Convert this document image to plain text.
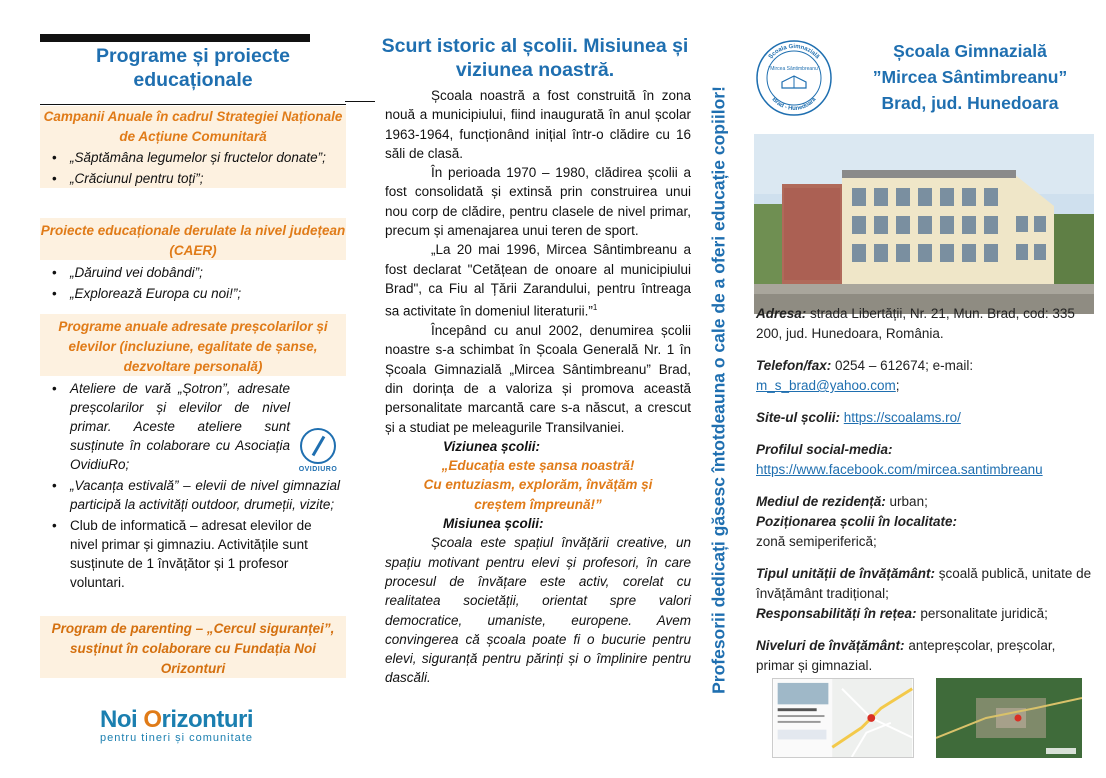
Programe și proiecte educaționale
Campanii Anuale în cadrul Strategiei Naționale de Acțiune Comunitară
• „Săptămâna legumelor și fructelor donate”;
• „Crăciunul pentru toți”;
Proiecte educaționale derulate la nivel județean (CAER)
• „Dăruind vei dobândi”;
• „Explorează Europa cu noi!”;
Programe anuale adresate preșcolarilor și elevilor (incluziune, egalitate de șanse, dezvoltare personală)
• Ateliere de vară „Șotron”, adresate preșcolarilor și elevilor de nivel primar. Aceste ateliere sunt susținute în colaborare cu Asociația OvidiuRo;
• „Vacanța estivală” – elevii de nivel gimnazial participă la activități outdoor, drumeții, vizite;
• Club de informatică – adresat elevilor de nivel primar și gimnaziu. Activitățile sunt susținute de 1 învățător și 1 profesor voluntari.
OVIDIURO
Program de parenting – „Cercul siguranței”, susținut în colaborare cu Fundația Noi Orizonturi
Noi Orizonturi
pentru tineri și comunitate
Scurt istoric al școlii. Misiunea și viziunea noastră.

Școala noastră a fost construită în zona nouă a municipiului, fiind inaugurată în anul școlar 1963-1964, funcționând inițial într-o clădire cu 16 săli de clasă.

În perioada 1970 – 1980, clădirea școlii a fost consolidată și extinsă prin construirea unui nou corp de clădire, pentru clasele de nivel primar, precum și amenajarea unui teren de sport.

„La 20 mai 1996, Mircea Sântimbreanu a fost declarat "Cetățean de onoare al municipiului Brad", ca Fiu al Țării Zarandului, pentru întreaga sa activitate în domeniul literaturii.”$^1$

Începând cu anul 2002, denumirea școlii noastre s-a schimbat în Școala Generală Nr. 1 în Școala Gimnazială „Mircea Sântimbreanu” Brad, din dorința de a valoriza și promova această personalitate marcantă care s-a născut, a crescut și a studiat pe meleagurile Transilvaniei.

Viziunea școlii:

„Educația este șansa noastră!

Cu entuziasm, explorăm, învățăm și creștem împreună!”

Misiunea școlii:

Școala este spațiul învățării creative, un spațiu motivant pentru elevi și profesori, în care procesul de învățare este activ, corelat cu realitatea societății, orientat spre valori democratice, umaniste, europene. Avem convingerea că școala poate fi o bucurie pentru elevi, siguranță pentru părinți și o împlinire pentru dascăli.	Profesorii dedicați găsesc întotdeauna o cale de a oferi educație copiilor!
Școala Gimnazială
"Mircea Sântimbreanu"
Brad - Hunedoara
Școala Gimnazială
”Mircea Sântimbreanu”
Brad, jud. Hunedoara
Adresa: strada Libertății, Nr. 21, Mun. Brad, cod: 335 200, jud. Hunedoara, România.
Telefon/fax: 0254 – 612674; e-mail:
m_s_brad@yahoo.com;
Site-ul școlii: https://scoalams.ro/
Profilul social-media:
https://www.facebook.com/mircea.santimbreanu
Mediul de rezidență: urban;
Poziționarea școlii în localitate:
zonă semiperiferică;
Tipul unității de învățământ: școală publică, unitate de învățământ tradițional;
Responsabilități în rețea: personalitate juridică;
Niveluri de învățământ: antepreșcolar, preșcolar, primar și gimnazial.
